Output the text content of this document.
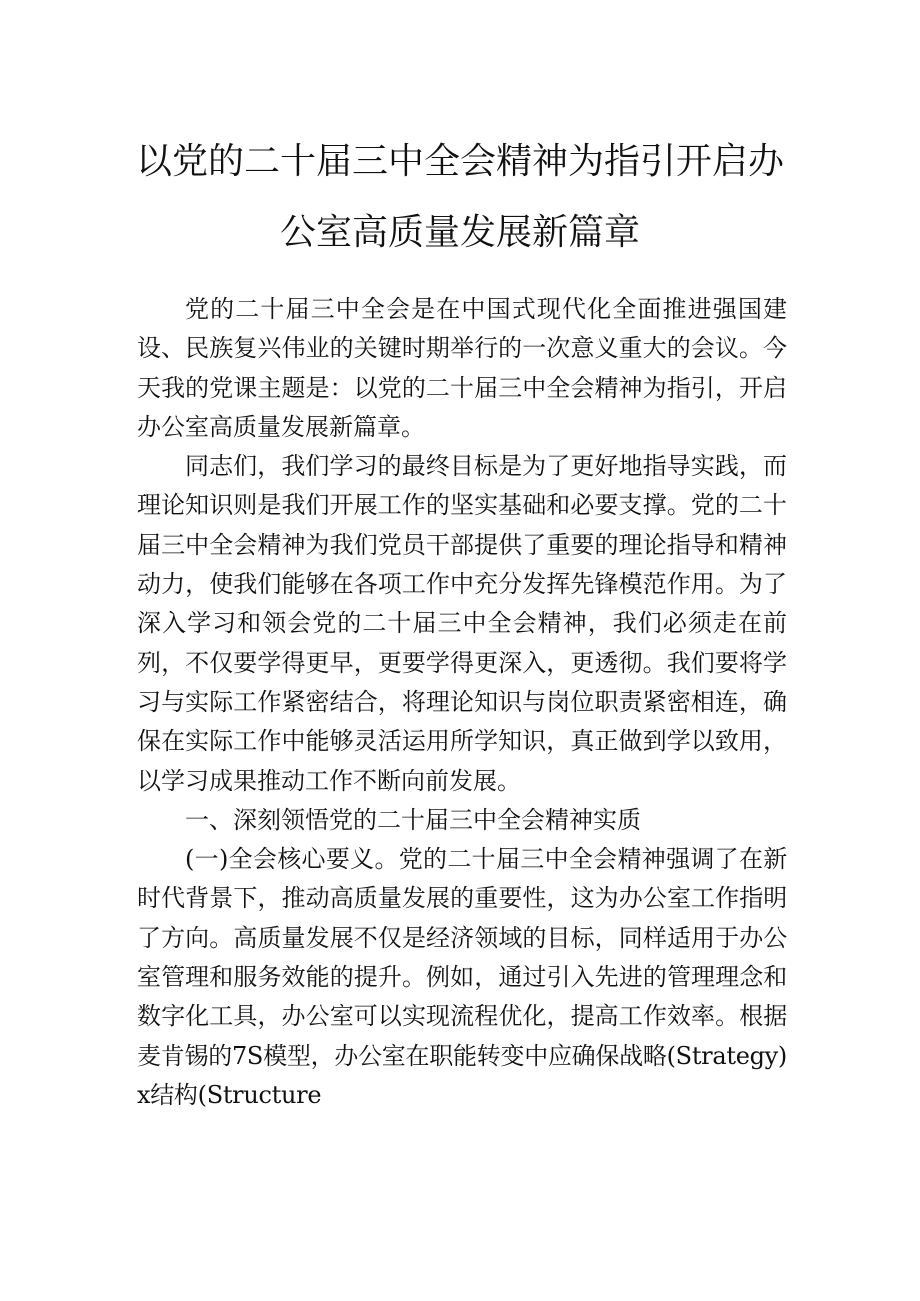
以党的二十届三中全会精神为指引开启办
公室高质量发展新篇章

党的二十届三中全会是在中国式现代化全面推进强国建设、民族复兴伟业的关键时期举行的一次意义重大的会议。今天我的党课主题是：以党的二十届三中全会精神为指引，开启办公室高质量发展新篇章。

同志们，我们学习的最终目标是为了更好地指导实践，而理论知识则是我们开展工作的坚实基础和必要支撑。党的二十届三中全会精神为我们党员干部提供了重要的理论指导和精神动力，使我们能够在各项工作中充分发挥先锋模范作用。为了深入学习和领会党的二十届三中全会精神，我们必须走在前列，不仅要学得更早，更要学得更深入，更透彻。我们要将学习与实际工作紧密结合，将理论知识与岗位职责紧密相连，确保在实际工作中能够灵活运用所学知识，真正做到学以致用，以学习成果推动工作不断向前发展。

一、深刻领悟党的二十届三中全会精神实质

(一)全会核心要义。党的二十届三中全会精神强调了在新时代背景下，推动高质量发展的重要性，这为办公室工作指明了方向。高质量发展不仅是经济领域的目标，同样适用于办公室管理和服务效能的提升。例如，通过引入先进的管理理念和数字化工具，办公室可以实现流程优化，提高工作效率。根据麦肯锡的7S模型，办公室在职能转变中应确保战略(Strategy)x结构(Structure
